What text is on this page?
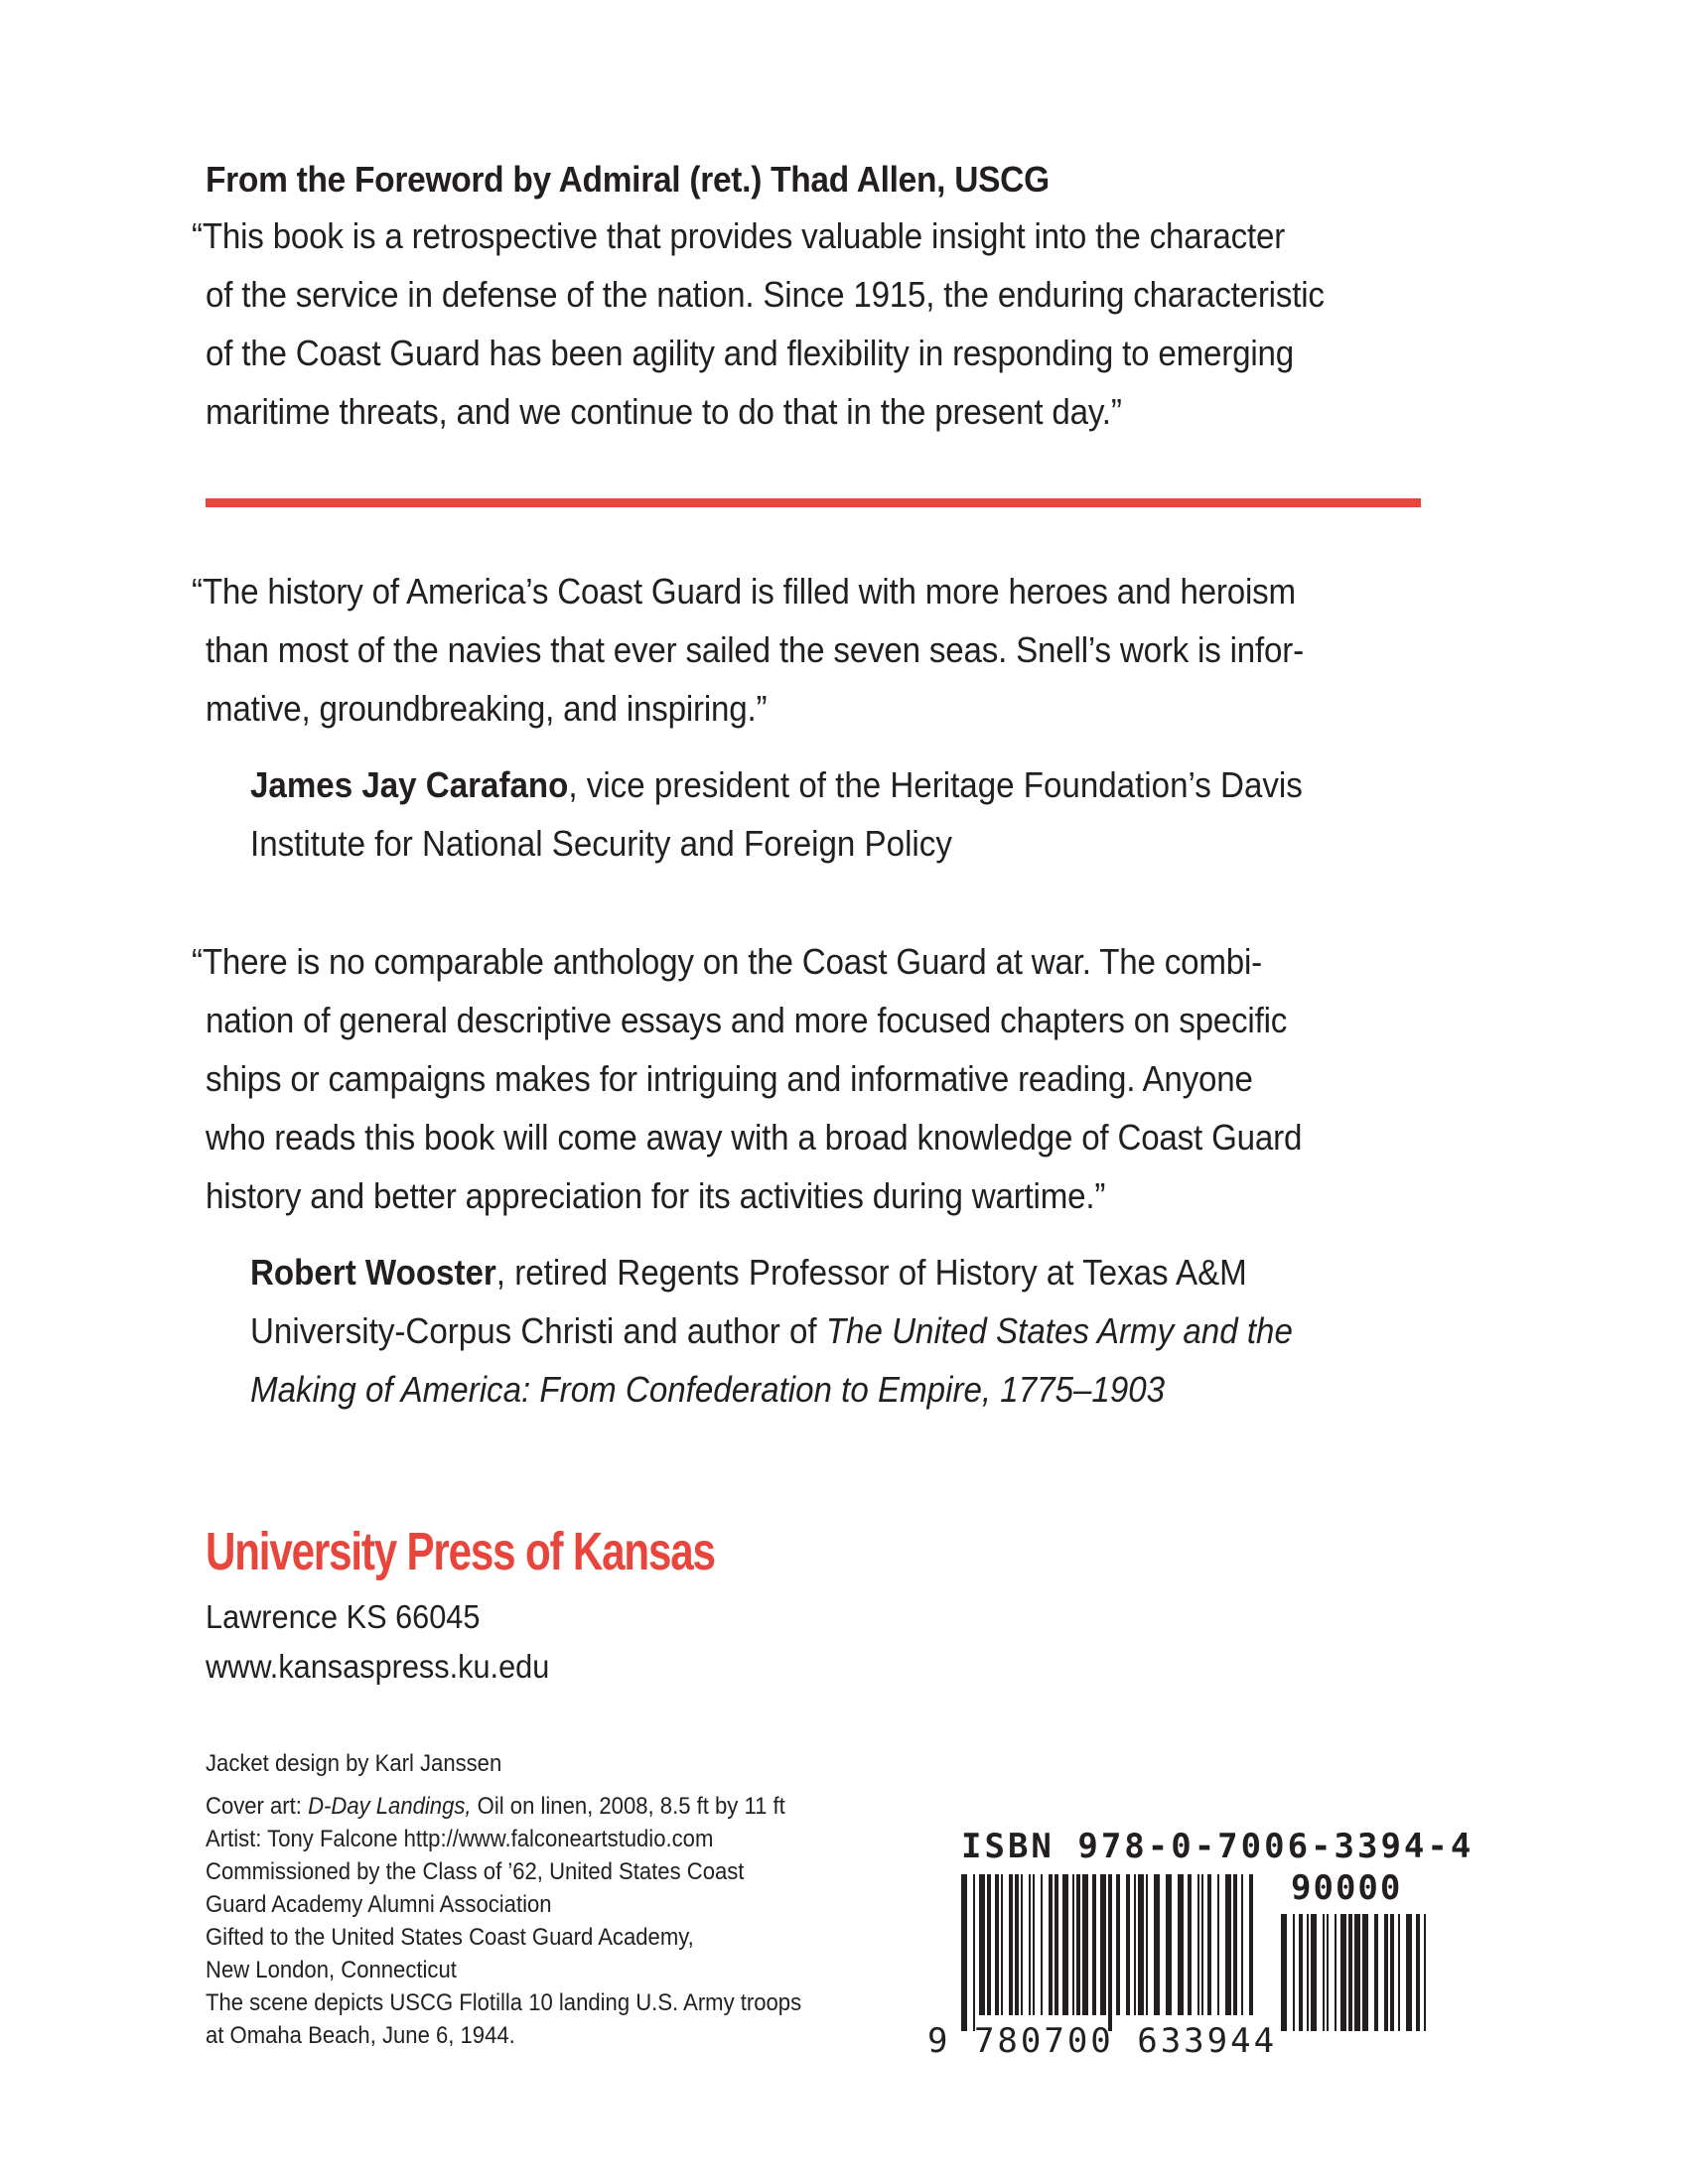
From the Foreword by Admiral (ret.) Thad Allen, USCG
“This book is a retrospective that provides valuable insight into the character
of the service in defense of the nation. Since 1915, the enduring characteristic
of the Coast Guard has been agility and flexibility in responding to emerging
maritime threats, and we continue to do that in the present day.”
“The history of America’s Coast Guard is filled with more heroes and heroism
than most of the navies that ever sailed the seven seas. Snell’s work is infor-
mative, groundbreaking, and inspiring.”
James Jay Carafano, vice president of the Heritage Foundation’s Davis
Institute for National Security and Foreign Policy
“There is no comparable anthology on the Coast Guard at war. The combi-
nation of general descriptive essays and more focused chapters on specific
ships or campaigns makes for intriguing and informative reading. Anyone
who reads this book will come away with a broad knowledge of Coast Guard
history and better appreciation for its activities during wartime.”
Robert Wooster, retired Regents Professor of History at Texas A&M
University-Corpus Christi and author of The United States Army and the
Making of America: From Confederation to Empire, 1775–1903
University Press of Kansas
Lawrence KS 66045
www.kansaspress.ku.edu
Jacket design by Karl Janssen
Cover art: D-Day Landings, Oil on linen, 2008, 8.5 ft by 11 ft
Artist: Tony Falcone http://www.falconeartstudio.com
Commissioned by the Class of ’62, United States Coast
Guard Academy Alumni Association
Gifted to the United States Coast Guard Academy,
New London, Connecticut
The scene depicts USCG Flotilla 10 landing U.S. Army troops
at Omaha Beach, June 6, 1944.
ISBN 978-0-7006-3394-4
90000
9 780700 633944
